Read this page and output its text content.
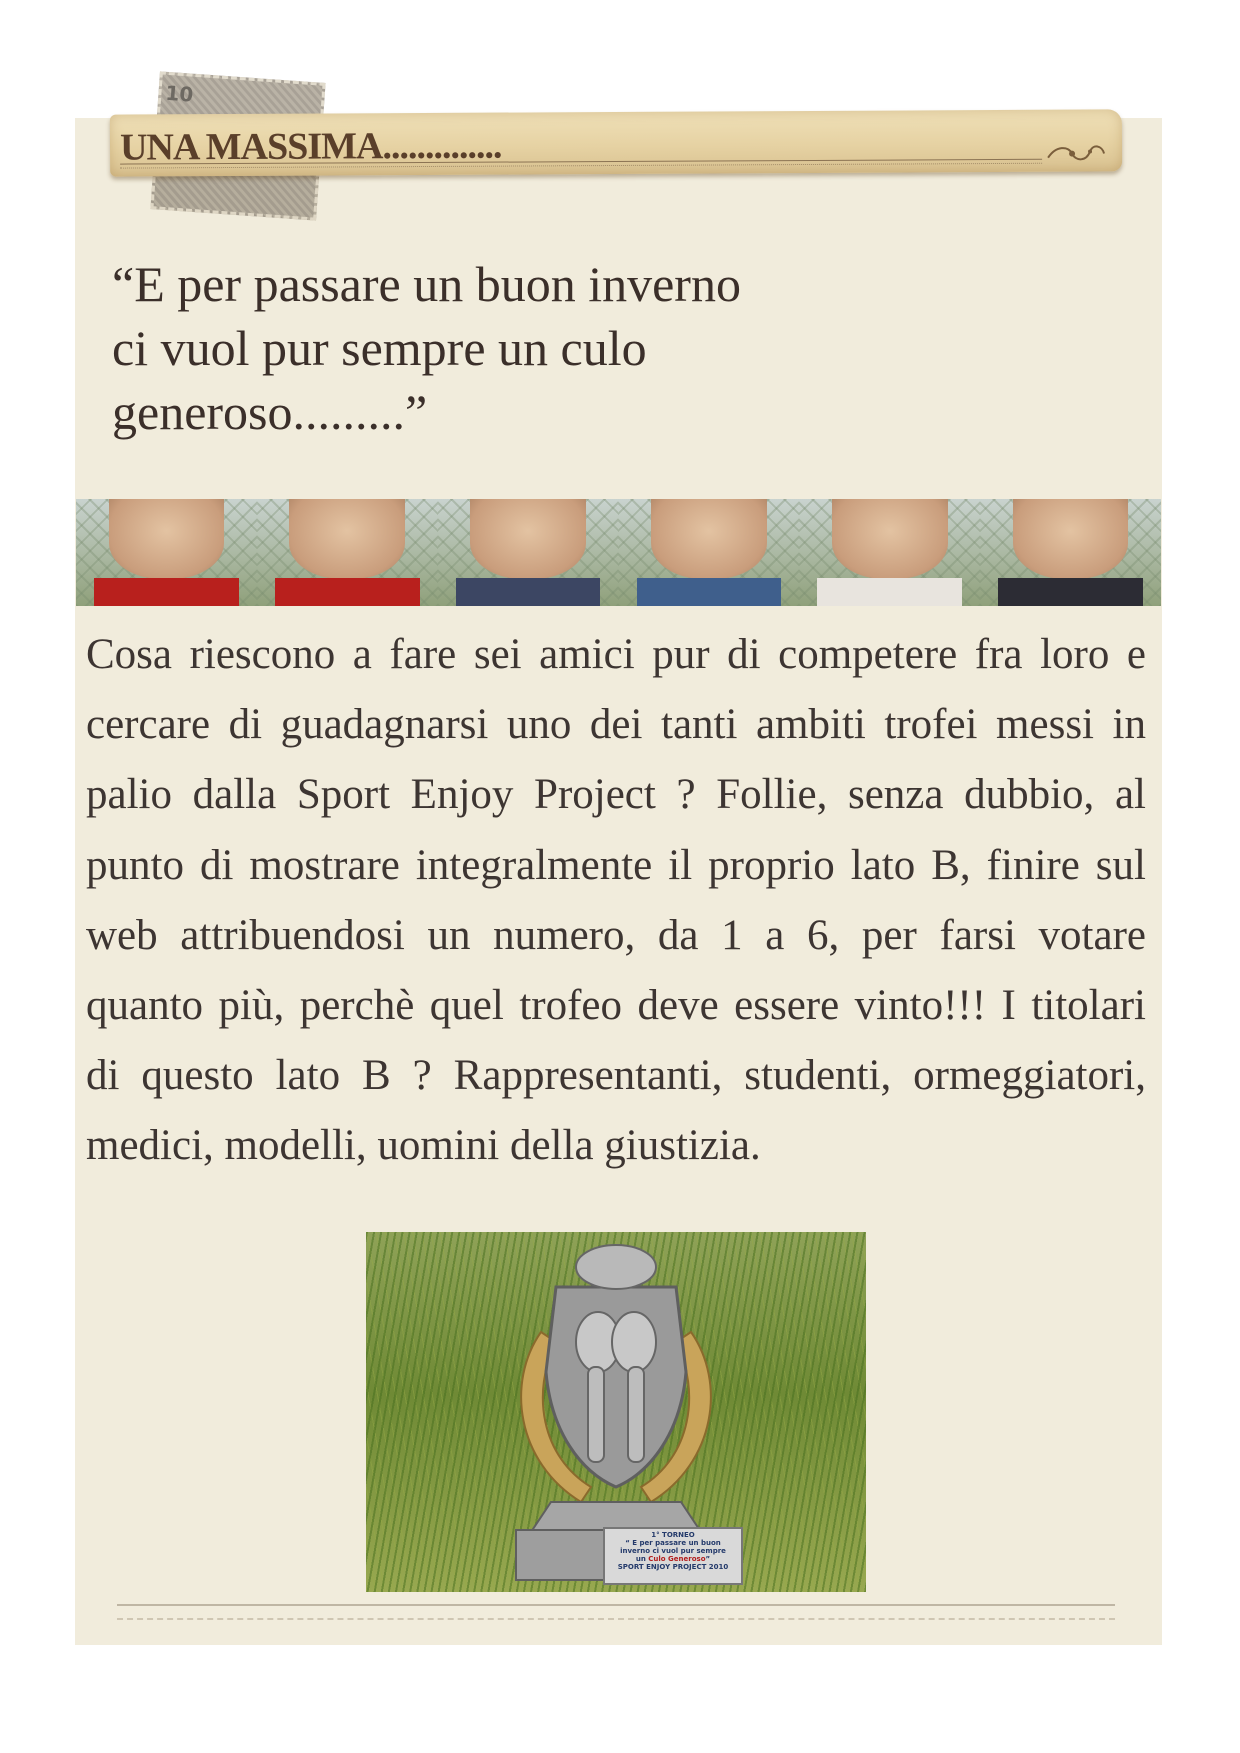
10
UNA MASSIMA..............

“E per passare un buon inverno
ci vuol pur sempre un culo
generoso.........”

Cosa riescono a fare sei amici pur di competere fra loro e cercare di guadagnarsi uno dei tanti ambiti trofei messi in palio dalla Sport Enjoy Project ? Follie, senza dubbio, al punto di mostrare integralmente il proprio lato B, finire sul web attribuendosi un numero, da 1 a 6, per farsi votare quanto più, perchè quel trofeo deve essere vinto!!! I titolari di questo lato B ? Rappresentanti, studenti, ormeggiatori, medici, modelli, uomini della giustizia.

1° TORNEO
“ E per passare un buon
inverno ci vuol pur sempre
un Culo Generoso”
SPORT ENJOY PROJECT 2010
